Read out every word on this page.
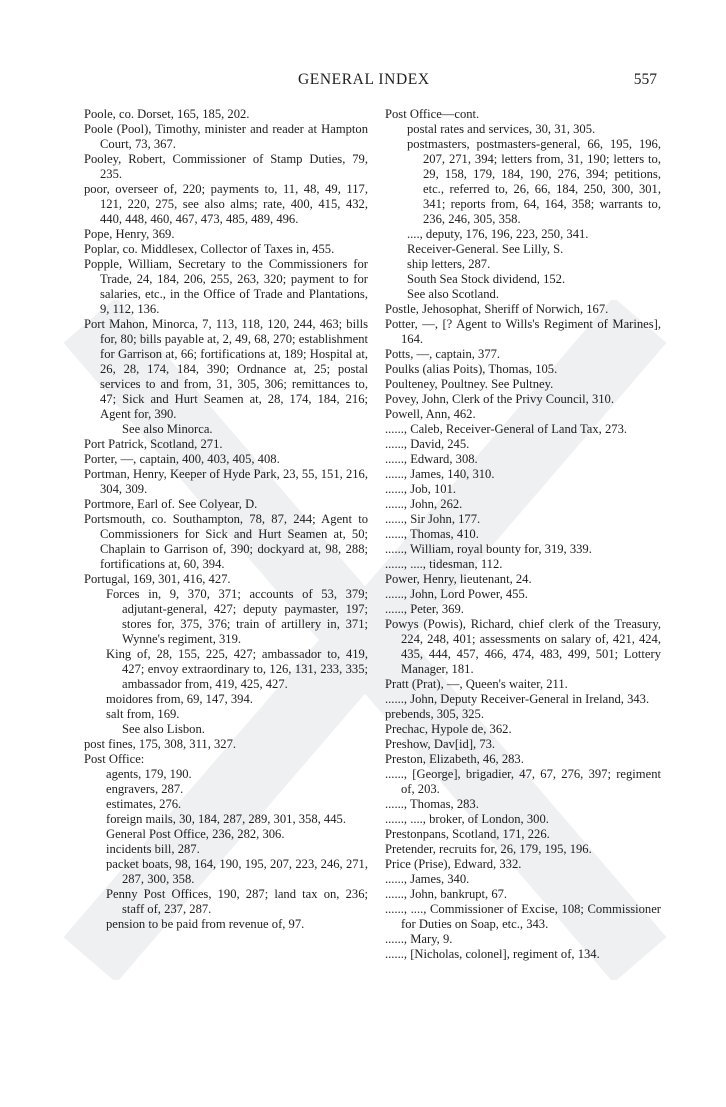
GENERAL INDEX	557
Poole, co. Dorset, 165, 185, 202.
Poole (Pool), Timothy, minister and reader at Hampton Court, 73, 367.
Pooley, Robert, Commissioner of Stamp Duties, 79, 235.
poor, overseer of, 220; payments to, 11, 48, 49, 117, 121, 220, 275, see also alms; rate, 400, 415, 432, 440, 448, 460, 467, 473, 485, 489, 496.
Pope, Henry, 369.
Poplar, co. Middlesex, Collector of Taxes in, 455.
Popple, William, Secretary to the Commissioners for Trade, 24, 184, 206, 255, 263, 320; payment to for salaries, etc., in the Office of Trade and Plantations, 9, 112, 136.
Port Mahon, Minorca, 7, 113, 118, 120, 244, 463; bills for, 80; bills payable at, 2, 49, 68, 270; establishment for Garrison at, 66; fortifications at, 189; Hospital at, 26, 28, 174, 184, 390; Ordnance at, 25; postal services to and from, 31, 305, 306; remittances to, 47; Sick and Hurt Seamen at, 28, 174, 184, 216; Agent for, 390.
See also Minorca.
Port Patrick, Scotland, 271.
Porter, —, captain, 400, 403, 405, 408.
Portman, Henry, Keeper of Hyde Park, 23, 55, 151, 216, 304, 309.
Portmore, Earl of. See Colyear, D.
Portsmouth, co. Southampton, 78, 87, 244; Agent to Commissioners for Sick and Hurt Seamen at, 50; Chaplain to Garrison of, 390; dockyard at, 98, 288; fortifications at, 60, 394.
Portugal, 169, 301, 416, 427.
Forces in, 9, 370, 371; accounts of 53, 379; adjutant-general, 427; deputy paymaster, 197; stores for, 375, 376; train of artillery in, 371; Wynne's regiment, 319.
King of, 28, 155, 225, 427; ambassador to, 419, 427; envoy extraordinary to, 126, 131, 233, 335; ambassador from, 419, 425, 427.
moidores from, 69, 147, 394.
salt from, 169.
See also Lisbon.
post fines, 175, 308, 311, 327.
Post Office:
agents, 179, 190.
engravers, 287.
estimates, 276.
foreign mails, 30, 184, 287, 289, 301, 358, 445.
General Post Office, 236, 282, 306.
incidents bill, 287.
packet boats, 98, 164, 190, 195, 207, 223, 246, 271, 287, 300, 358.
Penny Post Offices, 190, 287; land tax on, 236; staff of, 237, 287.
pension to be paid from revenue of, 97.
Post Office—cont.
postal rates and services, 30, 31, 305.
postmasters, postmasters-general, 66, 195, 196, 207, 271, 394; letters from, 31, 190; letters to, 29, 158, 179, 184, 190, 276, 394; petitions, etc., referred to, 26, 66, 184, 250, 300, 301, 341; reports from, 64, 164, 358; warrants to, 236, 246, 305, 358.
...., deputy, 176, 196, 223, 250, 341.
Receiver-General. See Lilly, S.
ship letters, 287.
South Sea Stock dividend, 152.
See also Scotland.
Postle, Jehosophat, Sheriff of Norwich, 167.
Potter, —, [? Agent to Wills's Regiment of Marines], 164.
Potts, —, captain, 377.
Poulks (alias Poits), Thomas, 105.
Poulteney, Poultney. See Pultney.
Povey, John, Clerk of the Privy Council, 310.
Powell, Ann, 462.
......, Caleb, Receiver-General of Land Tax, 273.
......, David, 245.
......, Edward, 308.
......, James, 140, 310.
......, Job, 101.
......, John, 262.
......, Sir John, 177.
......, Thomas, 410.
......, William, royal bounty for, 319, 339.
......, ...., tidesman, 112.
Power, Henry, lieutenant, 24.
......, John, Lord Power, 455.
......, Peter, 369.
Powys (Powis), Richard, chief clerk of the Treasury, 224, 248, 401; assessments on salary of, 421, 424, 435, 444, 457, 466, 474, 483, 499, 501; Lottery Manager, 181.
Pratt (Prat), —, Queen's waiter, 211.
......, John, Deputy Receiver-General in Ireland, 343.
prebends, 305, 325.
Prechac, Hypole de, 362.
Preshow, Dav[id], 73.
Preston, Elizabeth, 46, 283.
......, [George], brigadier, 47, 67, 276, 397; regiment of, 203.
......, Thomas, 283.
......, ...., broker, of London, 300.
Prestonpans, Scotland, 171, 226.
Pretender, recruits for, 26, 179, 195, 196.
Price (Prise), Edward, 332.
......, James, 340.
......, John, bankrupt, 67.
......, ...., Commissioner of Excise, 108; Commissioner for Duties on Soap, etc., 343.
......, Mary, 9.
......, [Nicholas, colonel], regiment of, 134.
